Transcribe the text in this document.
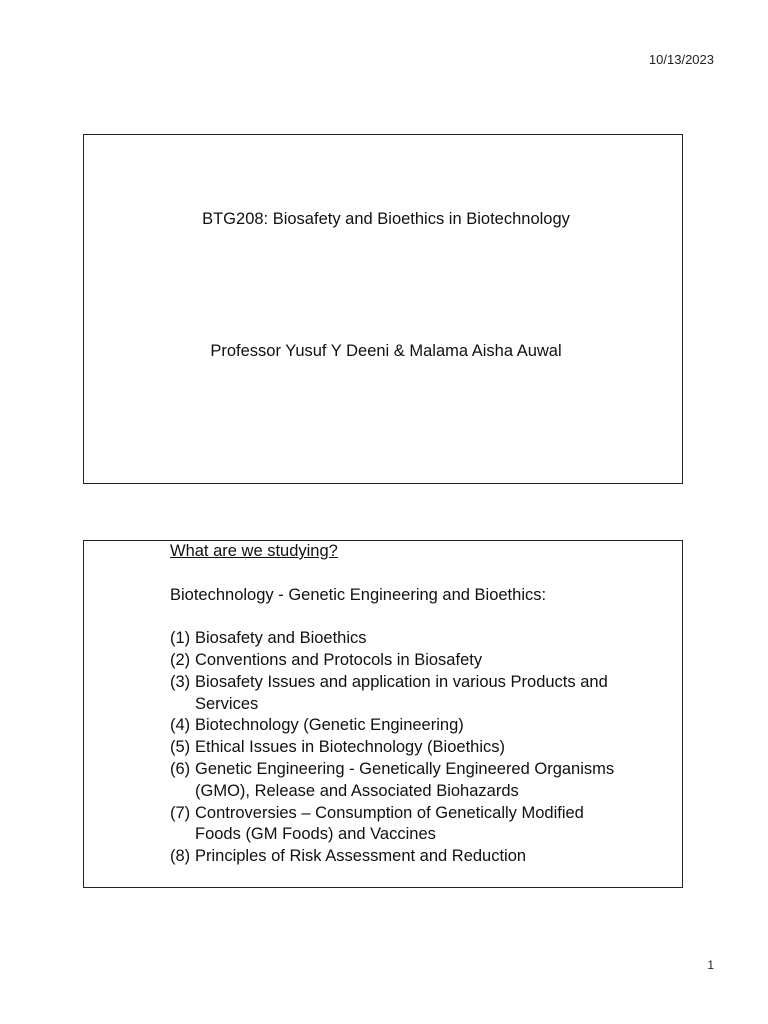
10/13/2023
BTG208: Biosafety and Bioethics in Biotechnology
Professor Yusuf Y Deeni & Malama Aisha Auwal
What are we studying?
Biotechnology - Genetic Engineering and Bioethics:
(1) Biosafety and Bioethics
(2) Conventions and Protocols in Biosafety
(3) Biosafety Issues and application in various Products and Services
(4) Biotechnology (Genetic Engineering)
(5) Ethical Issues in Biotechnology (Bioethics)
(6) Genetic Engineering - Genetically Engineered Organisms (GMO), Release and Associated Biohazards
(7) Controversies – Consumption of Genetically Modified Foods (GM Foods) and Vaccines
(8) Principles of Risk Assessment and Reduction
1
